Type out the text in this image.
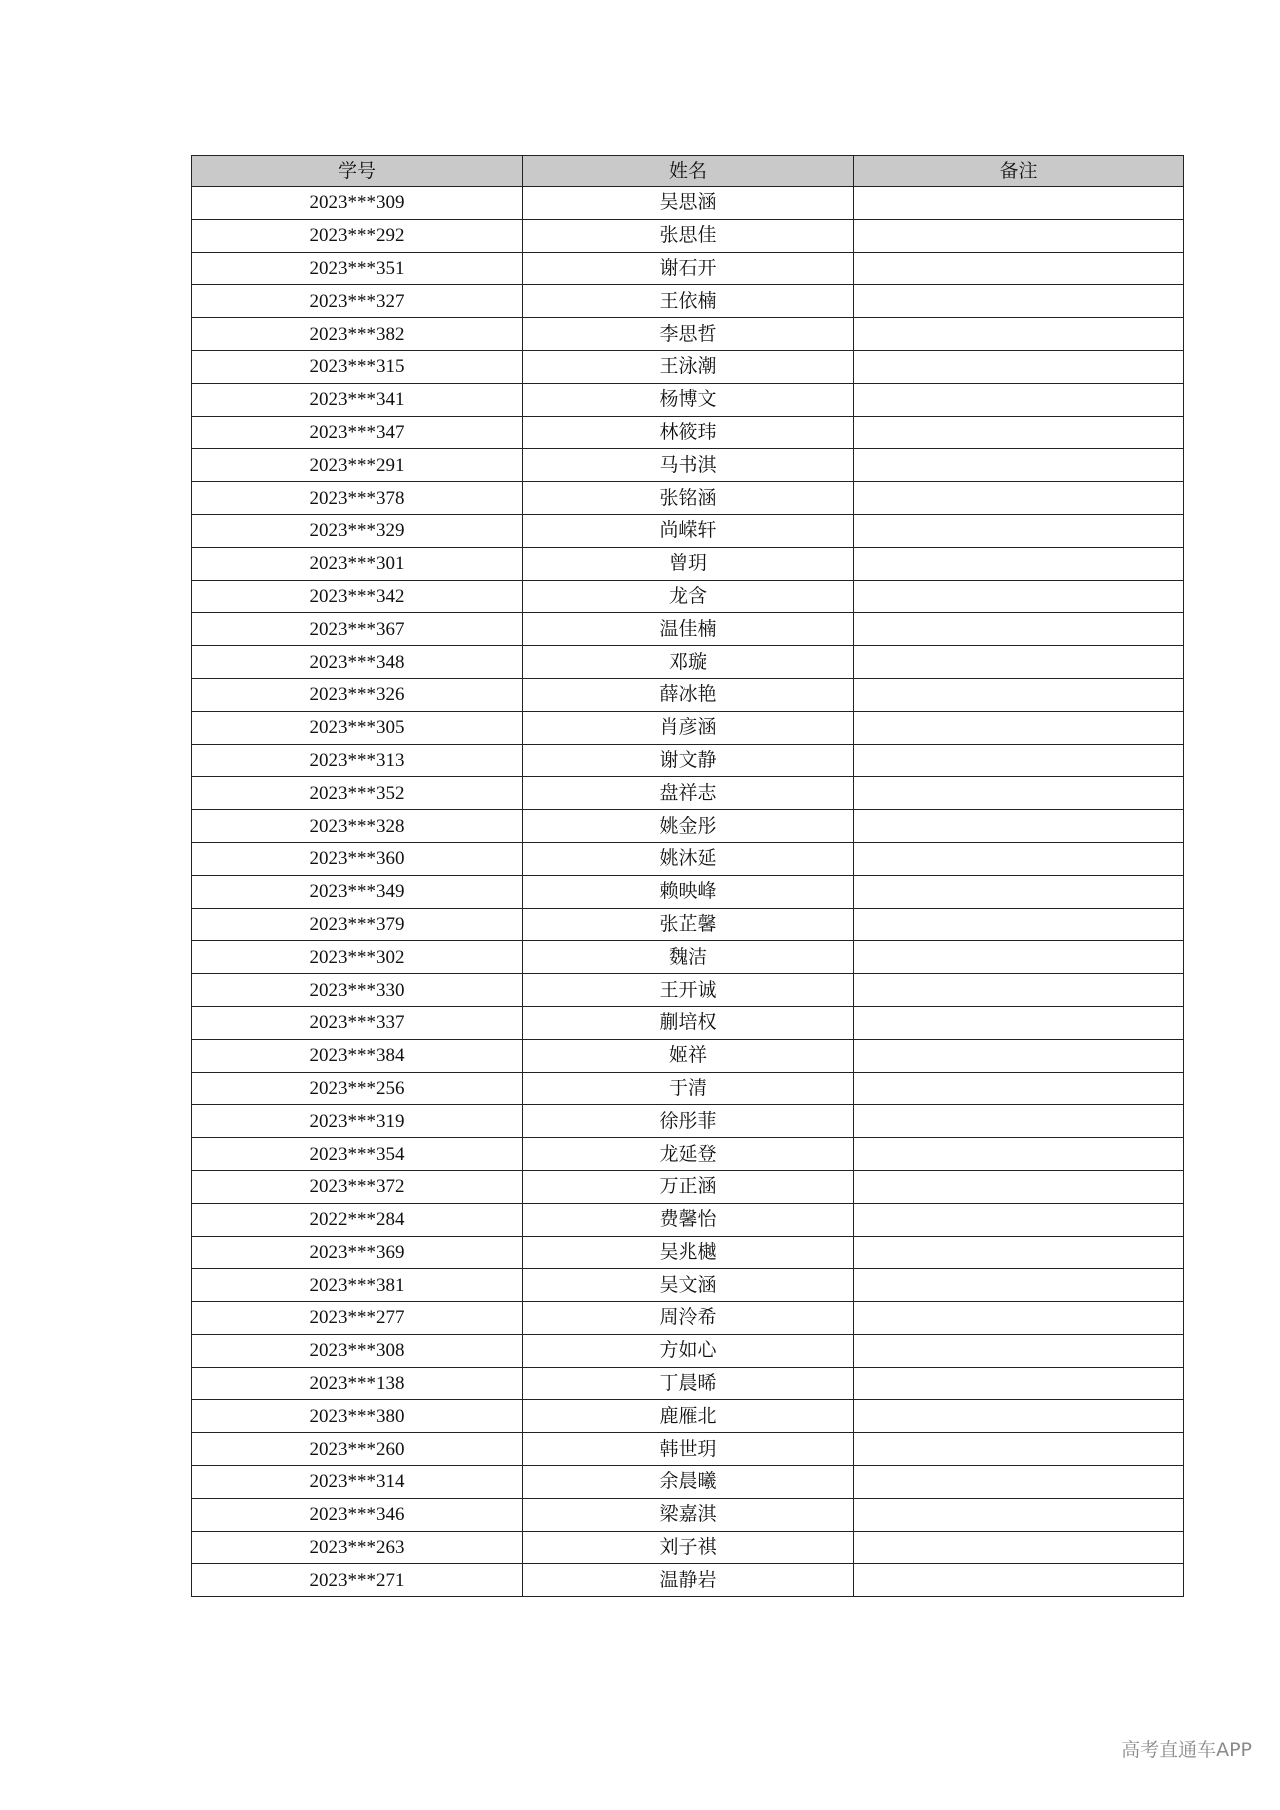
学号	姓名	备注
2023***309	吴思涵	
2023***292	张思佳	
2023***351	谢石开	
2023***327	王依楠	
2023***382	李思哲	
2023***315	王泳潮	
2023***341	杨博文	
2023***347	林筱玮	
2023***291	马书淇	
2023***378	张铭涵	
2023***329	尚嵘轩	
2023***301	曾玥	
2023***342	龙含	
2023***367	温佳楠	
2023***348	邓璇	
2023***326	薛冰艳	
2023***305	肖彦涵	
2023***313	谢文静	
2023***352	盘祥志	
2023***328	姚金彤	
2023***360	姚沐延	
2023***349	赖映峰	
2023***379	张芷馨	
2023***302	魏洁	
2023***330	王开诚	
2023***337	蒯培权	
2023***384	姬祥	
2023***256	于清	
2023***319	徐彤菲	
2023***354	龙延登	
2023***372	万正涵	
2022***284	费馨怡	
2023***369	吴兆樾	
2023***381	吴文涵	
2023***277	周泠希	
2023***308	方如心	
2023***138	丁晨晞	
2023***380	鹿雁北	
2023***260	韩世玥	
2023***314	余晨曦	
2023***346	梁嘉淇	
2023***263	刘子祺	
2023***271	温静岩	
高考直通车APP
